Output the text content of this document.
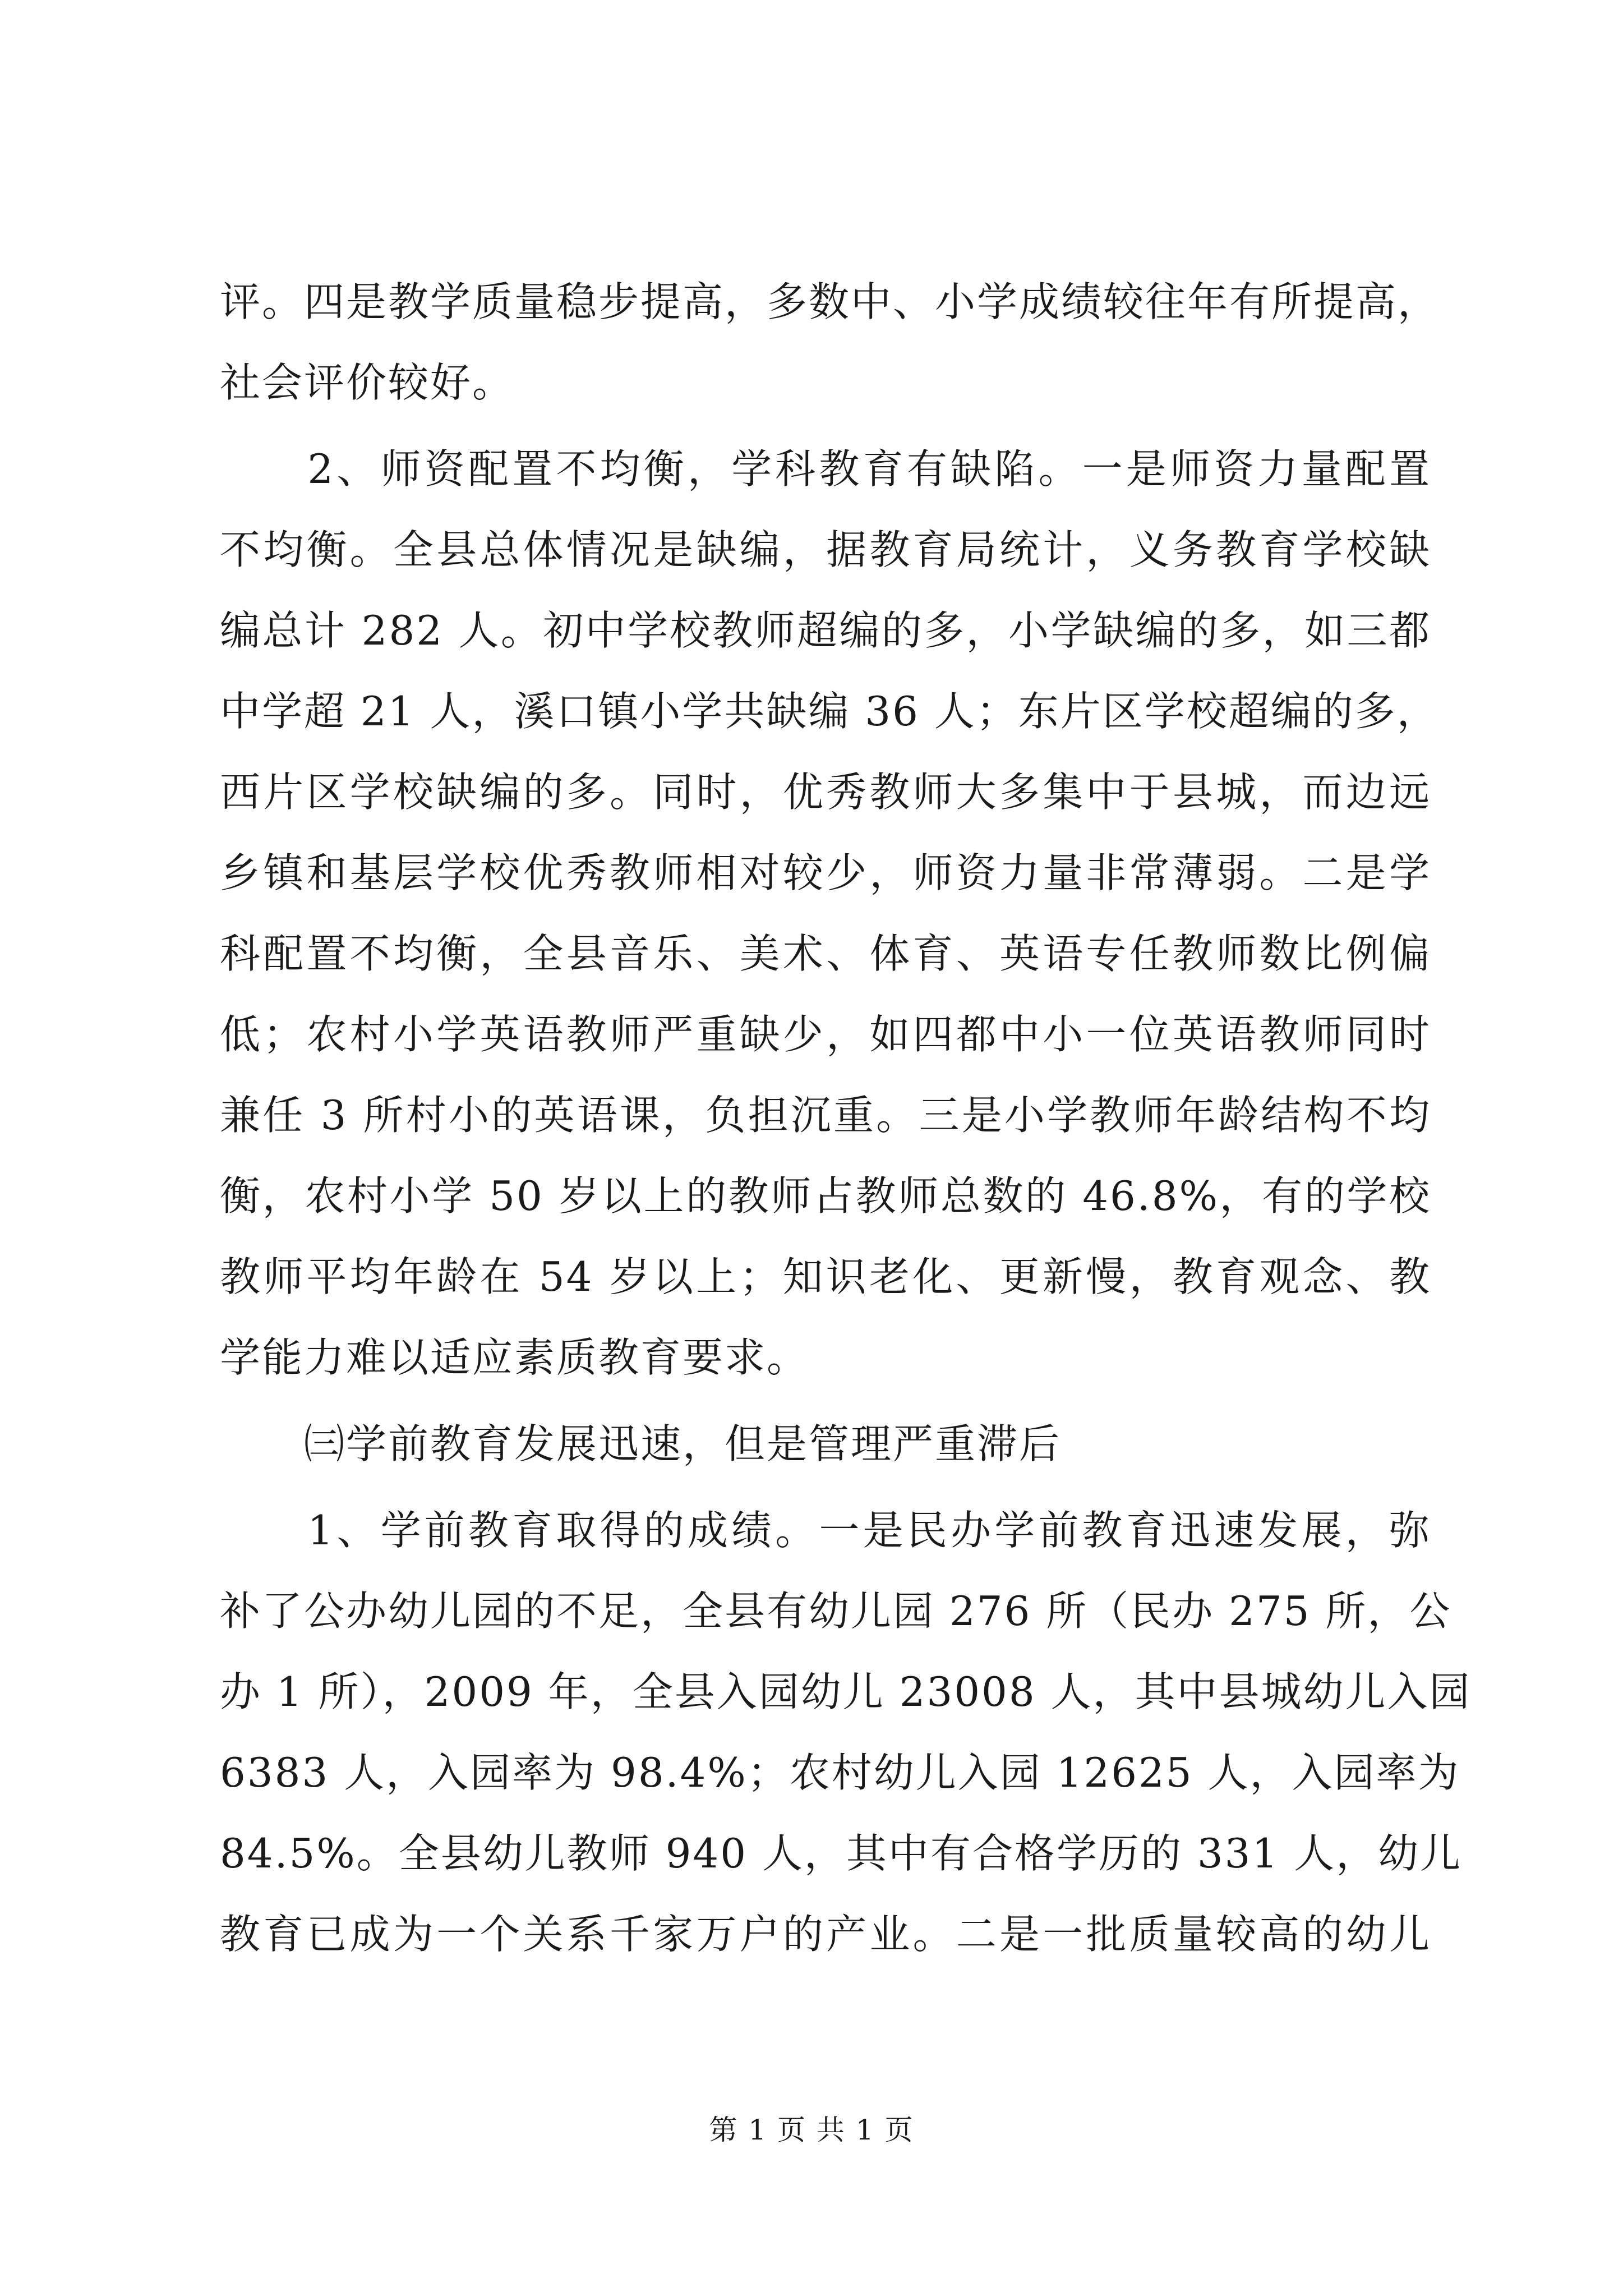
评。四是教学质量稳步提高，多数中、小学成绩较往年有所提高，
社会评价较好。
　　2、师资配置不均衡，学科教育有缺陷。一是师资力量配置
不均衡。全县总体情况是缺编，据教育局统计，义务教育学校缺
编总计 282 人。初中学校教师超编的多，小学缺编的多，如三都
中学超 21 人，溪口镇小学共缺编 36 人；东片区学校超编的多，
西片区学校缺编的多。同时，优秀教师大多集中于县城，而边远
乡镇和基层学校优秀教师相对较少，师资力量非常薄弱。二是学
科配置不均衡，全县音乐、美术、体育、英语专任教师数比例偏
低；农村小学英语教师严重缺少，如四都中小一位英语教师同时
兼任 3 所村小的英语课，负担沉重。三是小学教师年龄结构不均
衡，农村小学 50 岁以上的教师占教师总数的 46.8%，有的学校
教师平均年龄在 54 岁以上；知识老化、更新慢，教育观念、教
学能力难以适应素质教育要求。
　　㈢学前教育发展迅速，但是管理严重滞后
　　1、学前教育取得的成绩。一是民办学前教育迅速发展，弥
补了公办幼儿园的不足，全县有幼儿园 276 所（民办 275 所，公
办 1 所），2009 年，全县入园幼儿 23008 人，其中县城幼儿入园
6383 人，入园率为 98.4%；农村幼儿入园 12625 人，入园率为
84.5%。全县幼儿教师 940 人，其中有合格学历的 331 人，幼儿
教育已成为一个关系千家万户的产业。二是一批质量较高的幼儿
第 1 页 共 1 页
